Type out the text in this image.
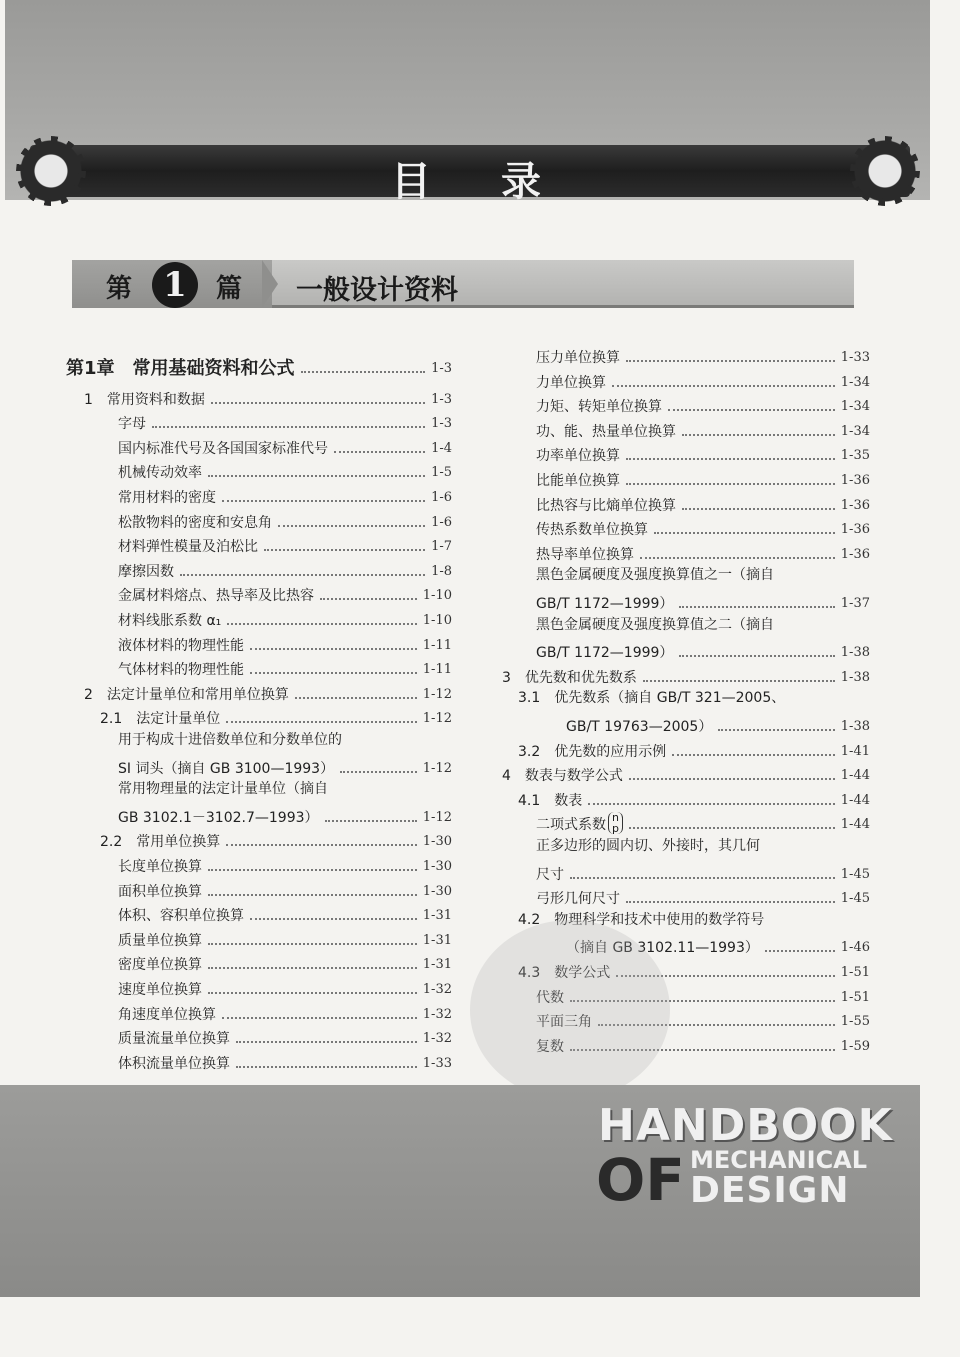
目 录
第 1	篇 一般设计资料
第1章　常用基础资料和公式	1-3
1　常用资料和数据	1-3
字母	1-3
国内标准代号及各国国家标准代号	1-4
机械传动效率	1-5
常用材料的密度	1-6
松散物料的密度和安息角	1-6
材料弹性模量及泊松比	1-7
摩擦因数	1-8
金属材料熔点、热导率及比热容	1-10
材料线胀系数 α₁	1-10
液体材料的物理性能	1-11
气体材料的物理性能	1-11
2　法定计量单位和常用单位换算	1-12
2.1　法定计量单位	1-12
用于构成十进倍数单位和分数单位的
SI 词头（摘自 GB 3100—1993）	1-12
常用物理量的法定计量单位（摘自
GB 3102.1－3102.7—1993）	1-12
2.2　常用单位换算	1-30
长度单位换算	1-30
面积单位换算	1-30
体积、容积单位换算	1-31
质量单位换算	1-31
密度单位换算	1-31
速度单位换算	1-32
角速度单位换算	1-32
质量流量单位换算	1-32
体积流量单位换算	1-33
压力单位换算	1-33
力单位换算	1-34
力矩、转矩单位换算	1-34
功、能、热量单位换算	1-34
功率单位换算	1-35
比能单位换算	1-36
比热容与比熵单位换算	1-36
传热系数单位换算	1-36
热导率单位换算	1-36
黑色金属硬度及强度换算值之一（摘自
GB/T 1172—1999）	1-37
黑色金属硬度及强度换算值之二（摘自
GB/T 1172—1999）	1-38
3　优先数和优先数系	1-38
3.1　优先数系（摘自 GB/T 321—2005、
GB/T 19763—2005）	1-38
3.2　优先数的应用示例	1-41
4　数表与数学公式	1-44
4.1　数表	1-44
二项式系数 n
p	1-44
正多边形的圆内切、外接时，其几何
尺寸	1-45
弓形几何尺寸	1-45
4.2　物理科学和技术中使用的数学符号
（摘自 GB 3102.11—1993）	1-46
4.3　数学公式	1-51
代数	1-51
平面三角	1-55
复数	1-59
HANDBOOK
OF MECHANICAL
DESIGN
